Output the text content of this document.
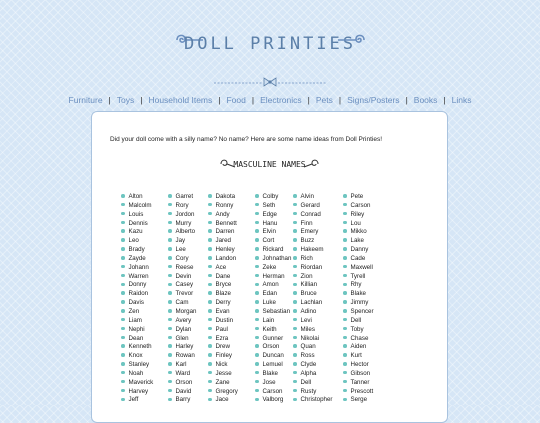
DOLL PRINTIES
Furniture | Toys | Household Items | Food | Electronics | Pets | Signs/Posters | Books | Links
Did your doll come with a silly name? No name? Here are some name ideas from Doll Printies!
MASCULINE NAMES
Alton
Malcolm
Louis
Dennis
Kazu
Leo
Brady
Zayde
Johann
Warren
Donny
Raidon
Davis
Zen
Liam
Nephi
Dean
Kenneth
Knox
Stanley
Noah
Maverick
Harvey
Jeff
Garret
Rory
Jordon
Murry
Alberto
Jay
Lee
Cory
Reese
Devin
Casey
Trevor
Cam
Morgan
Avery
Dylan
Glen
Harley
Rowan
Karl
Ward
Orson
David
Barry
Dakota
Ronny
Andy
Bennett
Darren
Jared
Henley
Landon
Ace
Dane
Bryce
Blaze
Derry
Evan
Dustin
Paul
Ezra
Drew
Finley
Nick
Jesse
Zane
Gregory
Jace
Colby
Seth
Edge
Hanu
Elvin
Cort
Rickard
Johnathan
Zeke
Herman
Amon
Edan
Luke
Sebastian
Lain
Keith
Gunner
Orson
Duncan
Lemuel
Blake
Jose
Carson
Valborg
Alvin
Gerard
Conrad
Finn
Emery
Buzz
Hakeem
Rich
Riordan
Zion
Killian
Bruce
Lachlan
Adino
Levi
Miles
Nikolai
Quan
Ross
Clyde
Alpha
Dell
Rusty
Christopher
Pete
Carson
Riley
Lou
Mikko
Lake
Danny
Cade
Maxwell
Tyrell
Rhy
Blake
Jimmy
Spencer
Dell
Toby
Chase
Aiden
Kurt
Hector
Gibson
Tanner
Prescott
Serge
